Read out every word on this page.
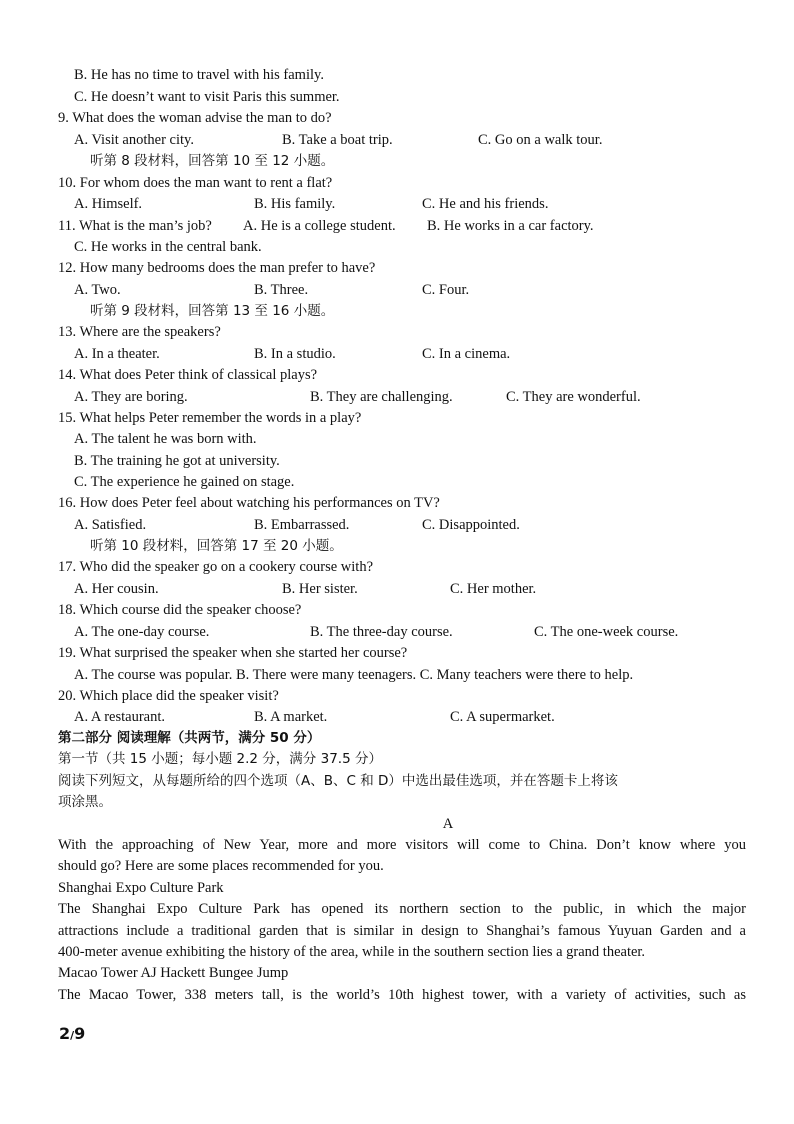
B. He has no time to travel with his family.
C. He doesn’t want to visit Paris this summer.
9. What does the woman advise the man to do?
A. Visit another city.	B. Take a boat trip.	C. Go on a walk tour.
听第 8 段材料，回答第 10 至 12 小题。
10. For whom does the man want to rent a flat?
A. Himself.	B. His family.	C. He and his friends.
11. What is the man’s job? A. He is a college student. B. He works in a car factory.
C. He works in the central bank.
12. How many bedrooms does the man prefer to have?
A. Two.	B. Three.	C. Four.
听第 9 段材料，回答第 13 至 16 小题。
13. Where are the speakers?
A. In a theater.	B. In a studio.	C. In a cinema.
14. What does Peter think of classical plays?
A. They are boring.	B. They are challenging.	C. They are wonderful.
15. What helps Peter remember the words in a play?
A. The talent he was born with.
B. The training he got at university.
C. The experience he gained on stage.
16. How does Peter feel about watching his performances on TV?
A. Satisfied.	B. Embarrassed.	C. Disappointed.
听第 10 段材料，回答第 17 至 20 小题。
17. Who did the speaker go on a cookery course with?
A. Her cousin.	B. Her sister.	C. Her mother.
18. Which course did the speaker choose?
A. The one-day course.	B. The three-day course.	C. The one-week course.
19. What surprised the speaker when she started her course?
A. The course was popular. B. There were many teenagers. C. Many teachers were there to help.
20. Which place did the speaker visit?
A. A restaurant.	B. A market.	C. A supermarket.
第二部分 阅读理解（共两节，满分 50 分）
第一节（共 15 小题；每小题 2.2 分，满分 37.5 分）
阅读下列短文，从每题所给的四个选项（A、B、C 和 D）中选出最佳选项，并在答题卡上将该
项涂黑。
A
With the approaching of New Year, more and more visitors will come to China. Don’t know where you
should go? Here are some places recommended for you.
Shanghai Expo Culture Park
The Shanghai Expo Culture Park has opened its northern section to the public, in which the major
attractions include a traditional garden that is similar in design to Shanghai’s famous Yuyuan Garden and a
400-meter avenue exhibiting the history of the area, while in the southern section lies a grand theater.
Macao Tower AJ Hackett Bungee Jump
The Macao Tower, 338 meters tall, is the world’s 10th highest tower, with a variety of activities, such as
2/9
